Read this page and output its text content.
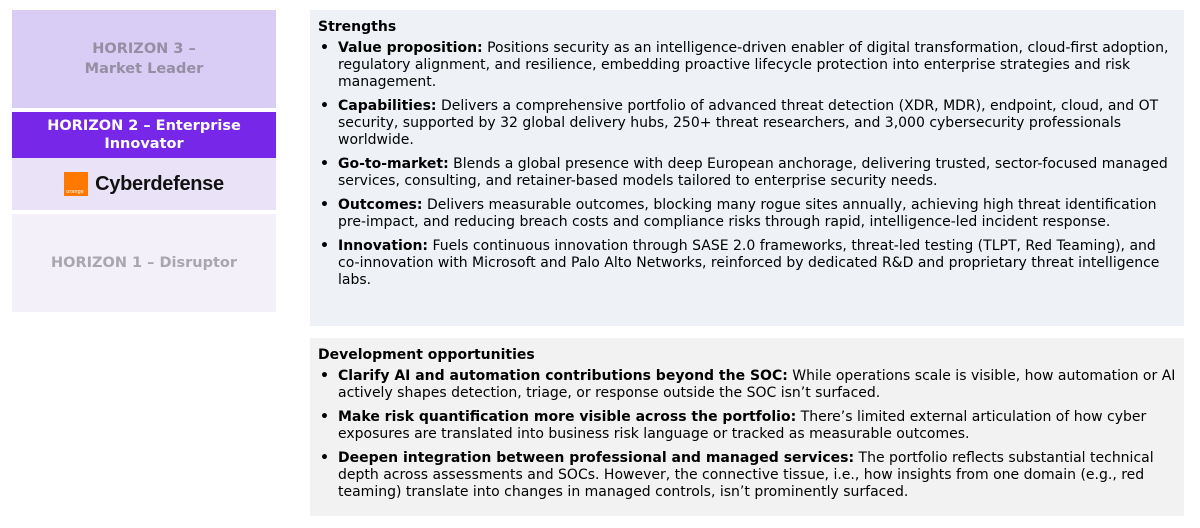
HORIZON 3 –
Market Leader
HORIZON 2 – Enterprise
Innovator
orange Cyberdefense
HORIZON 1 – Disruptor
Strengths
• Value proposition: Positions security as an intelligence-driven enabler of digital transformation, cloud-first adoption, regulatory alignment, and resilience, embedding proactive lifecycle protection into enterprise strategies and risk management.
• Capabilities: Delivers a comprehensive portfolio of advanced threat detection (XDR, MDR), endpoint, cloud, and OT security, supported by 32 global delivery hubs, 250+ threat researchers, and 3,000 cybersecurity professionals worldwide.
• Go-to-market: Blends a global presence with deep European anchorage, delivering trusted, sector-focused managed services, consulting, and retainer-based models tailored to enterprise security needs.
• Outcomes: Delivers measurable outcomes, blocking many rogue sites annually, achieving high threat identification pre-impact, and reducing breach costs and compliance risks through rapid, intelligence-led incident response.
• Innovation: Fuels continuous innovation through SASE 2.0 frameworks, threat-led testing (TLPT, Red Teaming), and co-innovation with Microsoft and Palo Alto Networks, reinforced by dedicated R&D and proprietary threat intelligence labs.
Development opportunities
• Clarify AI and automation contributions beyond the SOC: While operations scale is visible, how automation or AI actively shapes detection, triage, or response outside the SOC isn’t surfaced.
• Make risk quantification more visible across the portfolio: There’s limited external articulation of how cyber exposures are translated into business risk language or tracked as measurable outcomes.
• Deepen integration between professional and managed services: The portfolio reflects substantial technical depth across assessments and SOCs. However, the connective tissue, i.e., how insights from one domain (e.g., red teaming) translate into changes in managed controls, isn’t prominently surfaced.
